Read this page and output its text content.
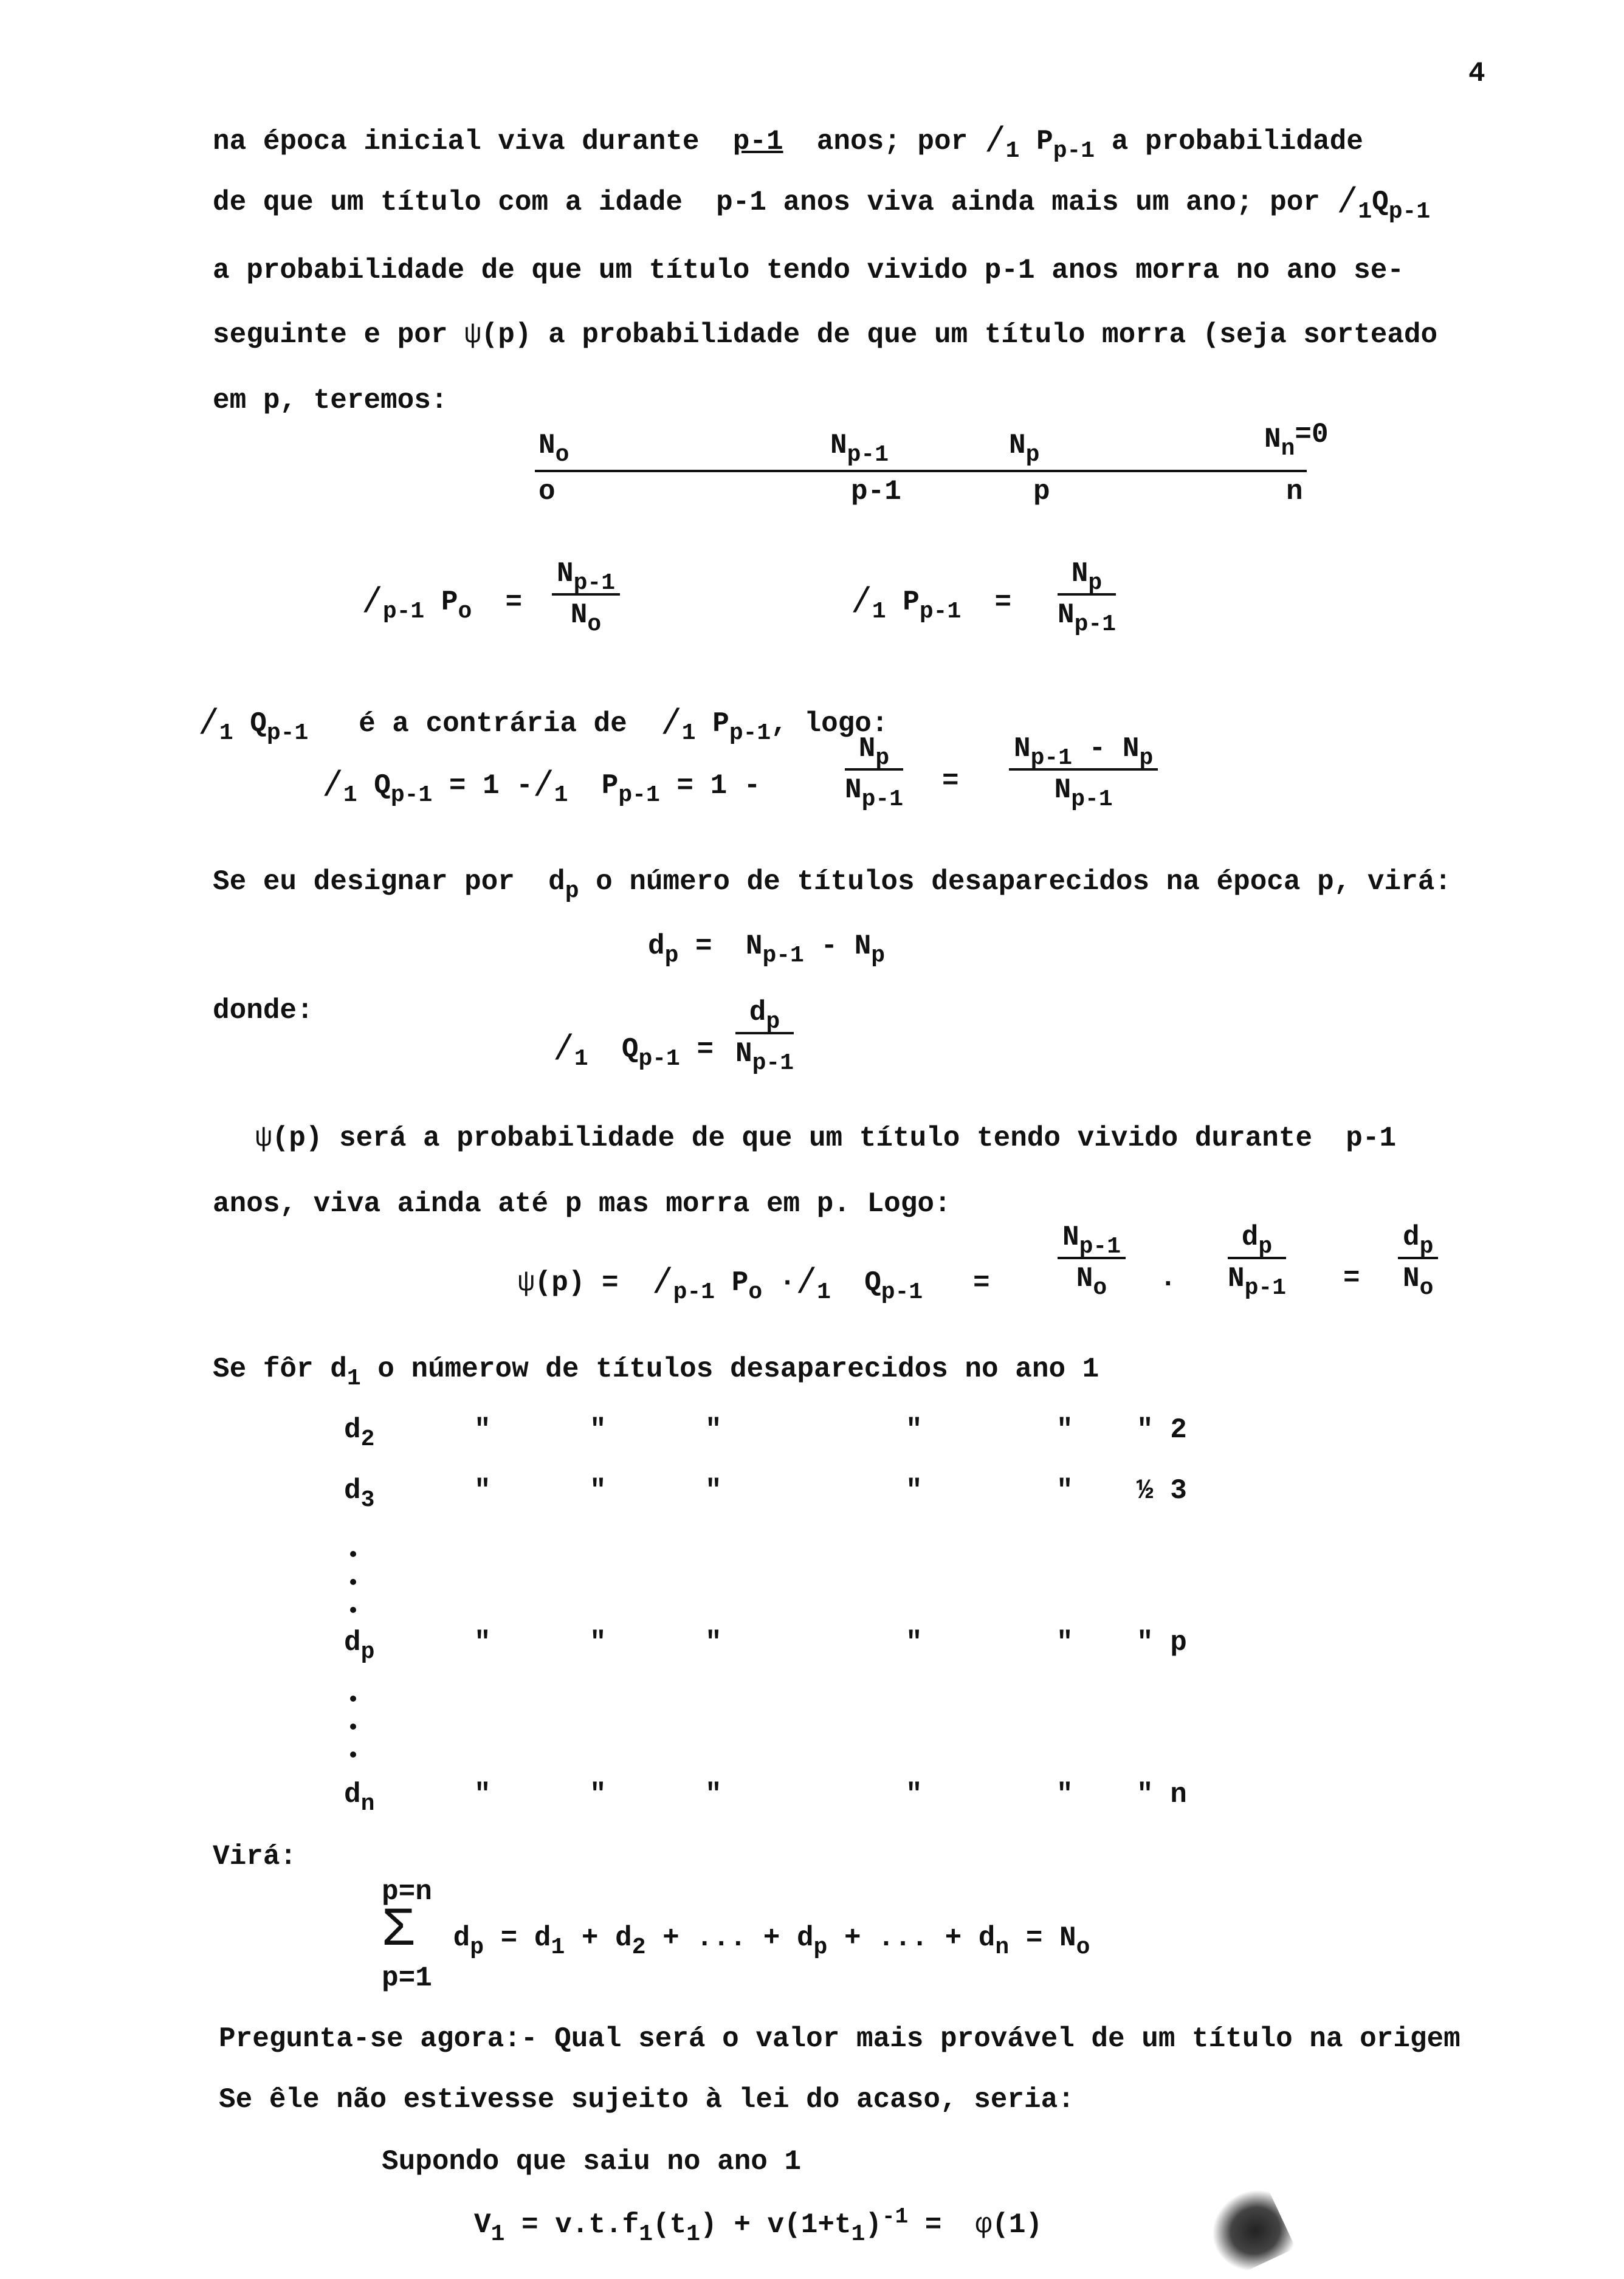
4
na época inicial viva durante p-1 anos; por $/_1$ $P_{p-1}$ a probabilidade
de que um título com a idade  p-1 anos viva ainda mais um ano; por $/_1Q_{p-1}$
a probabilidade de que um título tendo vivido p-1 anos morra no ano se-
seguinte e por ψ(p) a probabilidade de que um título morra (seja sorteado
em p, teremos:
$N_o$
o
$N_{p-1}$
p-1
$N_p$
p
$N_n=0$
n
$/_{p-1}$ $P_o = \frac{N_{p-1}}{N_o}$	$/_1$ $P_{p-1} = \frac{N_p}{N_{p-1}}$
$/_1$ $Q_{p-1}$ é a contrária de $/_1$ $P_{p-1}$, logo:
$/_1$ $Q_{p-1} = 1$ $-/_1$ $P_{p-1} = 1$ -	$\frac{N_p}{N_{p-1}} = \frac{N_{p-1} - N_p}{N_{p-1}}$
Se eu designar por  $d_p$ o número de títulos desaparecidos na época p, virá:
$d_p = N_{p-1} - N_p$
donde:
$/_1$ $Q_{p-1} = \frac{d_p}{N_{p-1}}$
ψ(p) será a probabilidade de que um título tendo vivido durante  p-1
anos, viva ainda até p mas morra em p. Logo:
$\psi(p) = /_{p-1}$ $P_o \cdot/_1$ $Q_{p-1} = \frac{N_{p-1}}{N_o}$ . $\frac{d_p}{N_{p-1}} = \frac{d_p}{N_o}$
Se fôr $d_1$ o númerow de títulos desaparecidos no ano 1
$d_2$	"	"	"	"	" " 2
$d_3$	"	"	"	"	" ½ 3
$d_p$	"	"	"	"	" " p
$d_n$	"	"	"	"	" " n
Virá:
p=n
Σ $d_p = d_1 + d_2$ + ... + $d_p$ + ... + $d_n = N_o$
p=1
Pregunta-se agora:- Qual será o valor mais provável de um título na origem
Se êle não estivesse sujeito à lei do acaso, seria:
Supondo que saiu no ano 1
$V_1 = v.t.f_1(t_1) + v(1+t_1)^{-1} = \varphi(1)$
